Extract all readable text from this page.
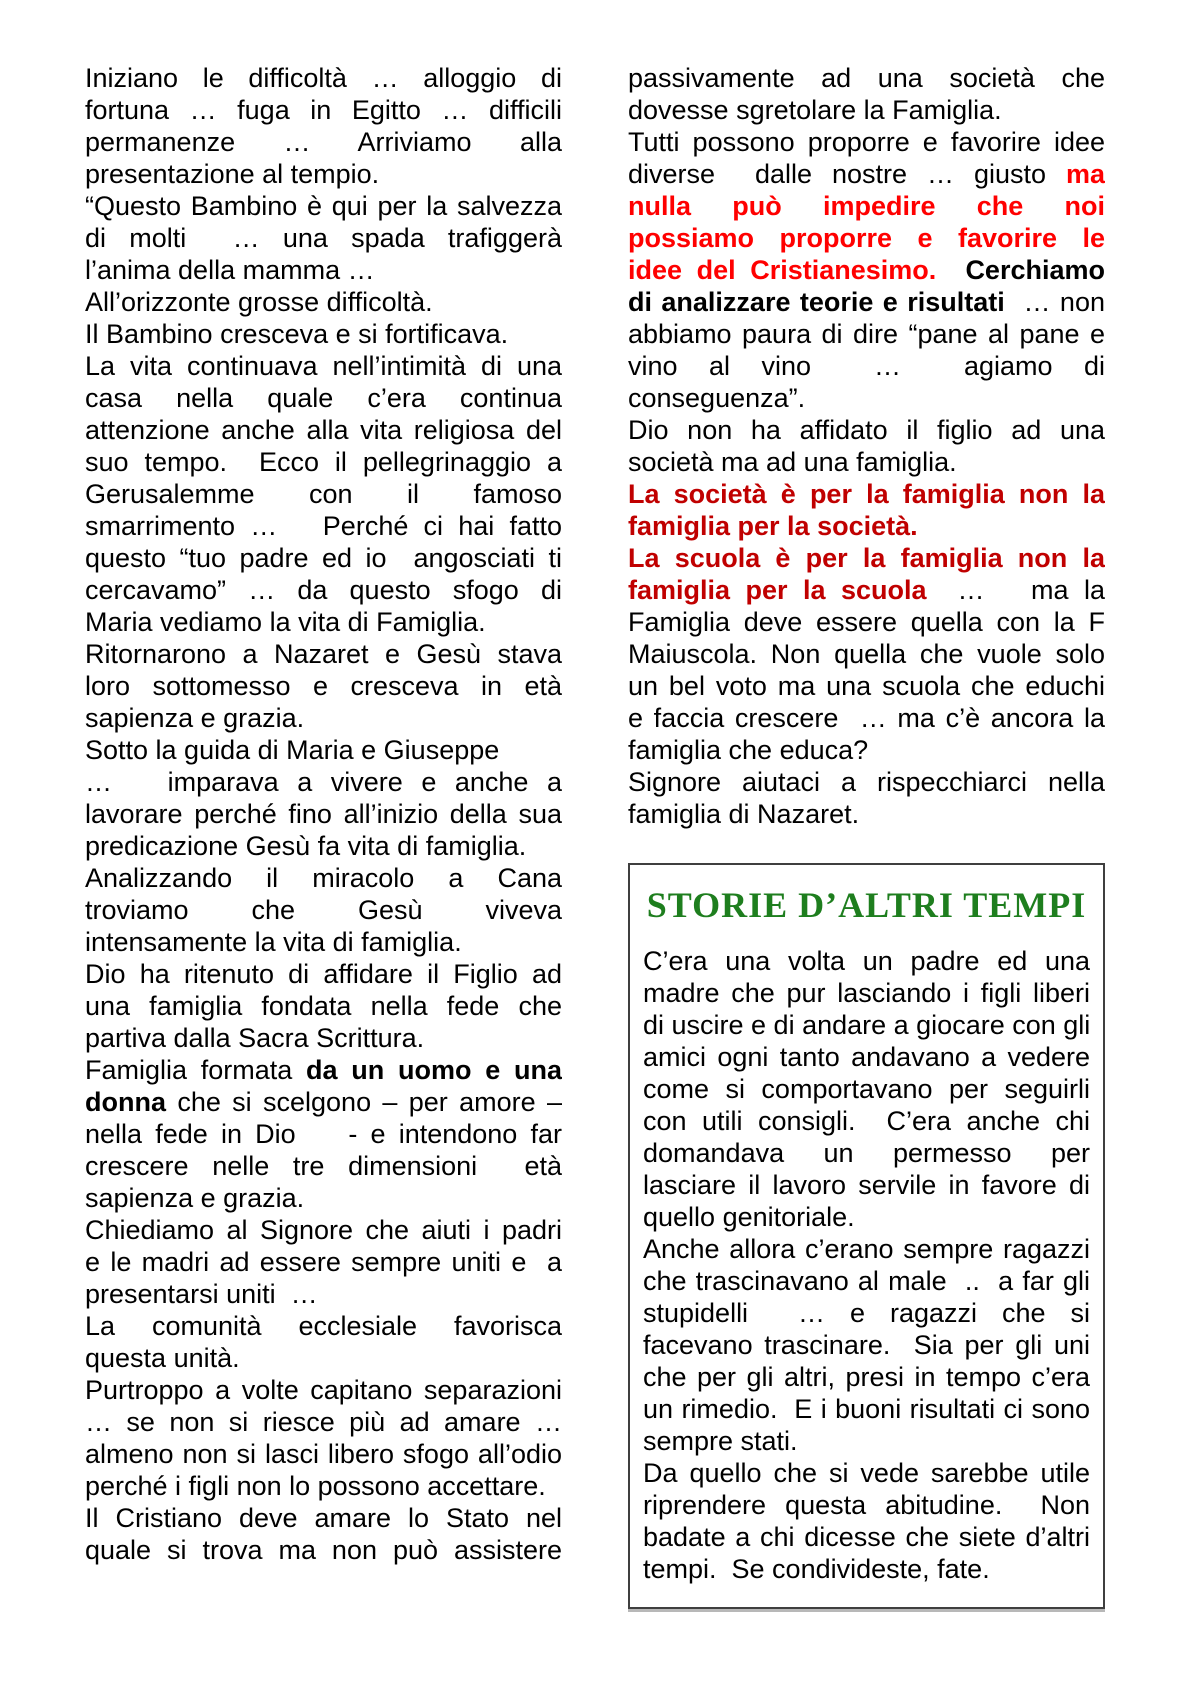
Iniziano le difficoltà … alloggio di
fortuna … fuga in Egitto … difficili
permanenze … Arriviamo alla
presentazione al tempio.
“Questo Bambino è qui per la salvezza
di molti  … una spada trafiggerà
l’anima della mamma …
All’orizzonte grosse difficoltà.
Il Bambino cresceva e si fortificava.
La vita continuava nell’intimità di una
casa nella quale c’era continua
attenzione anche alla vita religiosa del
suo tempo.  Ecco il pellegrinaggio a
Gerusalemme con il famoso
smarrimento …   Perché ci hai fatto
questo “tuo padre ed io  angosciati ti
cercavamo” … da questo sfogo di
Maria vediamo la vita di Famiglia.
Ritornarono a Nazaret e Gesù stava
loro sottomesso e cresceva in età
sapienza e grazia.
Sotto la guida di Maria e Giuseppe
…   imparava a vivere e anche a
lavorare perché fino all’inizio della sua
predicazione Gesù fa vita di famiglia.
Analizzando il miracolo a Cana
troviamo che Gesù viveva
intensamente la vita di famiglia.
Dio ha ritenuto di affidare il Figlio ad
una famiglia fondata nella fede che
partiva dalla Sacra Scrittura.
Famiglia formata da un uomo e una
donna che si scelgono – per amore –
nella fede in Dio    - e intendono far
crescere nelle tre dimensioni  età
sapienza e grazia.
Chiediamo al Signore che aiuti i padri
e le madri ad essere sempre uniti e  a
presentarsi uniti  …
La comunità ecclesiale favorisca
questa unità.
Purtroppo a volte capitano separazioni
… se non si riesce più ad amare …
almeno non si lasci libero sfogo all’odio
perché i figli non lo possono accettare.
Il Cristiano deve amare lo Stato nel
quale si trova ma non può assistere
passivamente ad una società che
dovesse sgretolare la Famiglia.
Tutti possono proporre e favorire idee
diverse  dalle nostre … giusto ma
nulla può impedire che noi
possiamo proporre e favorire le
idee del Cristianesimo. Cerchiamo
di analizzare teorie e risultati  … non
abbiamo paura di dire “pane al pane e
vino al vino  …  agiamo di
conseguenza”.
Dio non ha affidato il figlio ad una
società ma ad una famiglia.
La società è per la famiglia non la
famiglia per la società.
La scuola è per la famiglia non la
famiglia per la scuola  …   ma la
Famiglia deve essere quella con la F
Maiuscola. Non quella che vuole solo
un bel voto ma una scuola che educhi
e faccia crescere  … ma c’è ancora la
famiglia che educa?
Signore aiutaci a rispecchiarci nella
famiglia di Nazaret.
STORIE D’ALTRI TEMPI
C’era una volta un padre ed una
madre che pur lasciando i figli liberi
di uscire e di andare a giocare con gli
amici ogni tanto andavano a vedere
come si comportavano per seguirli
con utili consigli.  C’era anche chi
domandava un permesso per
lasciare il lavoro servile in favore di
quello genitoriale.
Anche allora c’erano sempre ragazzi
che trascinavano al male  ..  a far gli
stupidelli  … e ragazzi che si
facevano trascinare.  Sia per gli uni
che per gli altri, presi in tempo c’era
un rimedio.  E i buoni risultati ci sono
sempre stati.
Da quello che si vede sarebbe utile
riprendere questa abitudine.  Non
badate a chi dicesse che siete d’altri
tempi.  Se condivideste, fate.
